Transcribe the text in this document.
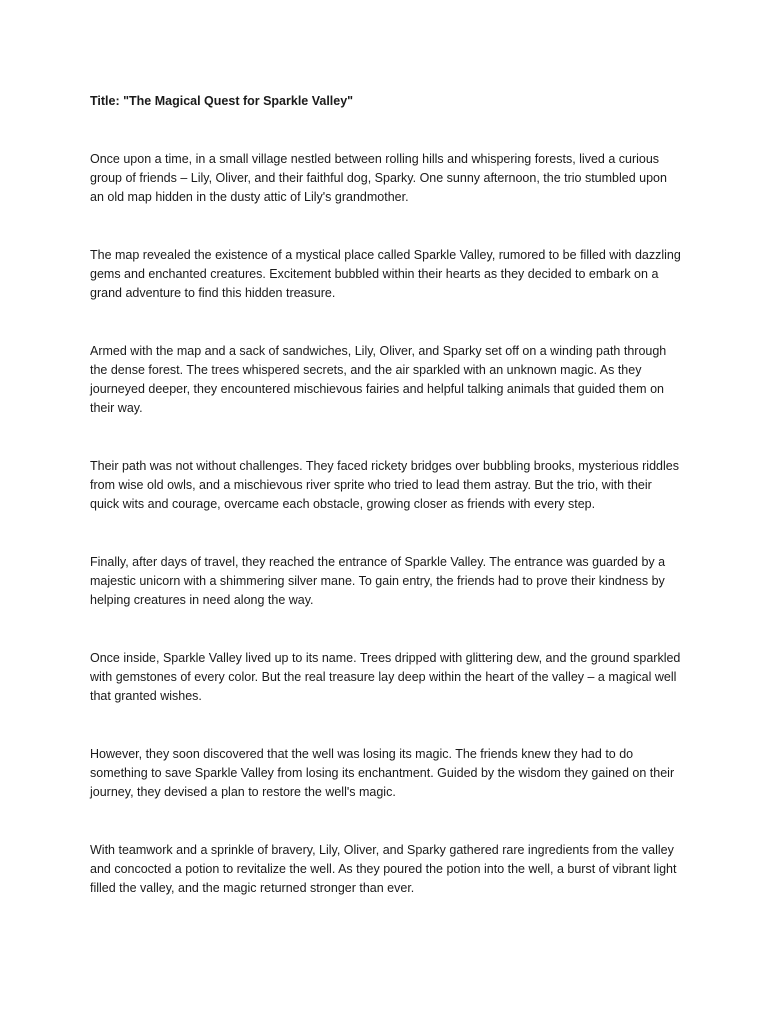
Title: "The Magical Quest for Sparkle Valley"

Once upon a time, in a small village nestled between rolling hills and whispering forests, lived a curious group of friends – Lily, Oliver, and their faithful dog, Sparky. One sunny afternoon, the trio stumbled upon an old map hidden in the dusty attic of Lily's grandmother.

The map revealed the existence of a mystical place called Sparkle Valley, rumored to be filled with dazzling gems and enchanted creatures. Excitement bubbled within their hearts as they decided to embark on a grand adventure to find this hidden treasure.

Armed with the map and a sack of sandwiches, Lily, Oliver, and Sparky set off on a winding path through the dense forest. The trees whispered secrets, and the air sparkled with an unknown magic. As they journeyed deeper, they encountered mischievous fairies and helpful talking animals that guided them on their way.

Their path was not without challenges. They faced rickety bridges over bubbling brooks, mysterious riddles from wise old owls, and a mischievous river sprite who tried to lead them astray. But the trio, with their quick wits and courage, overcame each obstacle, growing closer as friends with every step.

Finally, after days of travel, they reached the entrance of Sparkle Valley. The entrance was guarded by a majestic unicorn with a shimmering silver mane. To gain entry, the friends had to prove their kindness by helping creatures in need along the way.

Once inside, Sparkle Valley lived up to its name. Trees dripped with glittering dew, and the ground sparkled with gemstones of every color. But the real treasure lay deep within the heart of the valley – a magical well that granted wishes.

However, they soon discovered that the well was losing its magic. The friends knew they had to do something to save Sparkle Valley from losing its enchantment. Guided by the wisdom they gained on their journey, they devised a plan to restore the well's magic.

With teamwork and a sprinkle of bravery, Lily, Oliver, and Sparky gathered rare ingredients from the valley and concocted a potion to revitalize the well. As they poured the potion into the well, a burst of vibrant light filled the valley, and the magic returned stronger than ever.
